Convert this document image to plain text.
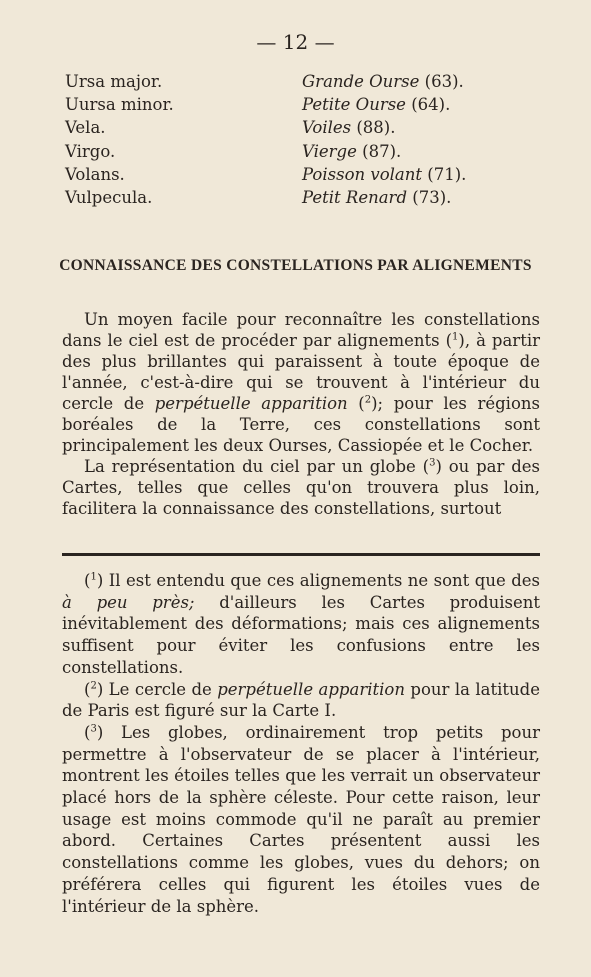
— 12 —
Ursa major.	Grande Ourse (63).
Uursa minor.	Petite Ourse (64).
Vela.	Voiles (88).
Virgo.	Vierge (87).
Volans.	Poisson volant (71).
Vulpecula.	Petit Renard (73).
CONNAISSANCE DES CONSTELLATIONS PAR ALIGNEMENTS

Un moyen facile pour reconnaître les constellations dans le ciel est de procéder par alignements ($^1$), à partir des plus brillantes qui paraissent à toute époque de l'année, c'est-à-dire qui se trouvent à l'intérieur du cercle de perpétuelle apparition ($^2$); pour les régions boréales de la Terre, ces constellations sont principalement les deux Ourses, Cassiopée et le Cocher.

La représentation du ciel par un globe ($^3$) ou par des Cartes, telles que celles qu'on trouvera plus loin, facilitera la connaissance des constellations, surtout

($^1$) Il est entendu que ces alignements ne sont que des à peu près; d'ailleurs les Cartes produisent inévitablement des déformations; mais ces alignements suffisent pour éviter les confusions entre les constellations.

($^2$) Le cercle de perpétuelle apparition pour la latitude de Paris est figuré sur la Carte I.

($^3$) Les globes, ordinairement trop petits pour permettre à l'observateur de se placer à l'intérieur, montrent les étoiles telles que les verrait un observateur placé hors de la sphère céleste. Pour cette raison, leur usage est moins commode qu'il ne paraît au premier abord. Certaines Cartes présentent aussi les constellations comme les globes, vues du dehors; on préférera celles qui figurent les étoiles vues de l'intérieur de la sphère.
